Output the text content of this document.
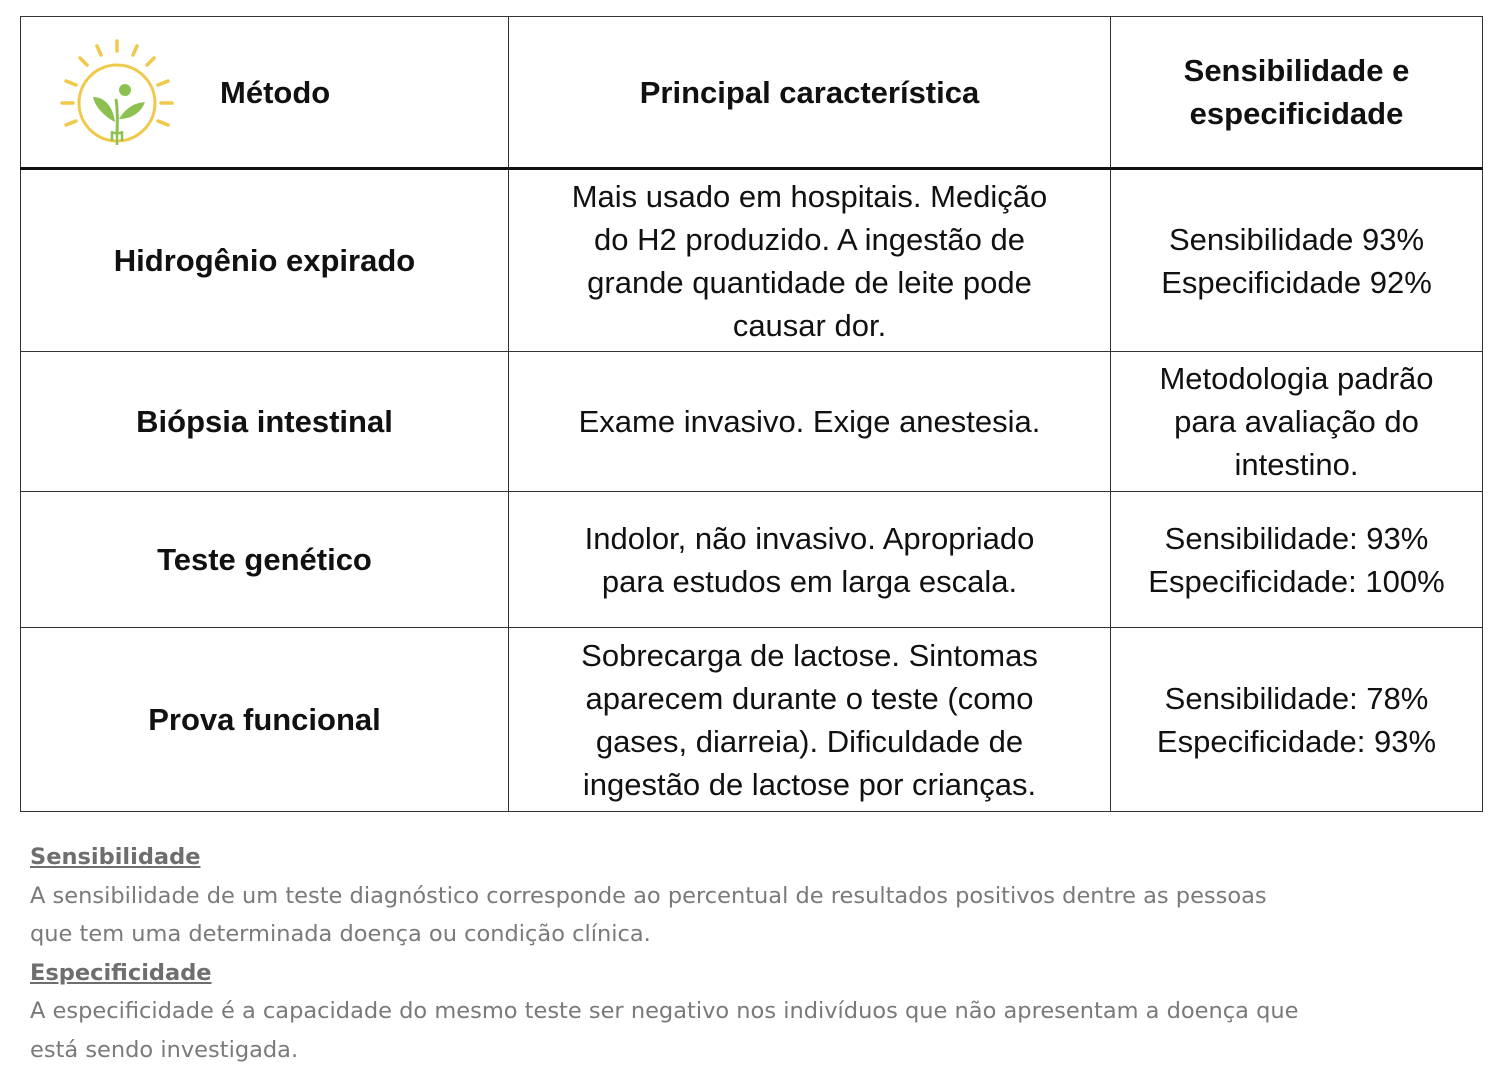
Método	Principal característica	Sensibilidade e
especificidade

Hidrogênio expirado	Mais usado em hospitais. Medição
do H2 produzido. A ingestão de
grande quantidade de leite pode
causar dor.	Sensibilidade 93%
Especificidade 92%

Biópsia intestinal	Exame invasivo. Exige anestesia.	Metodologia padrão
para avaliação do
intestino.

Teste genético	Indolor, não invasivo. Apropriado
para estudos em larga escala.	Sensibilidade: 93%
Especificidade: 100%

Prova funcional	Sobrecarga de lactose. Sintomas
aparecem durante o teste (como
gases, diarreia). Dificuldade de
ingestão de lactose por crianças.	Sensibilidade: 78%
Especificidade: 93%

Sensibilidade

A sensibilidade de um teste diagnóstico corresponde ao percentual de resultados positivos dentre as pessoas

que tem uma determinada doença ou condição clínica.

Especificidade

A especificidade é a capacidade do mesmo teste ser negativo nos indivíduos que não apresentam a doença que

está sendo investigada.
